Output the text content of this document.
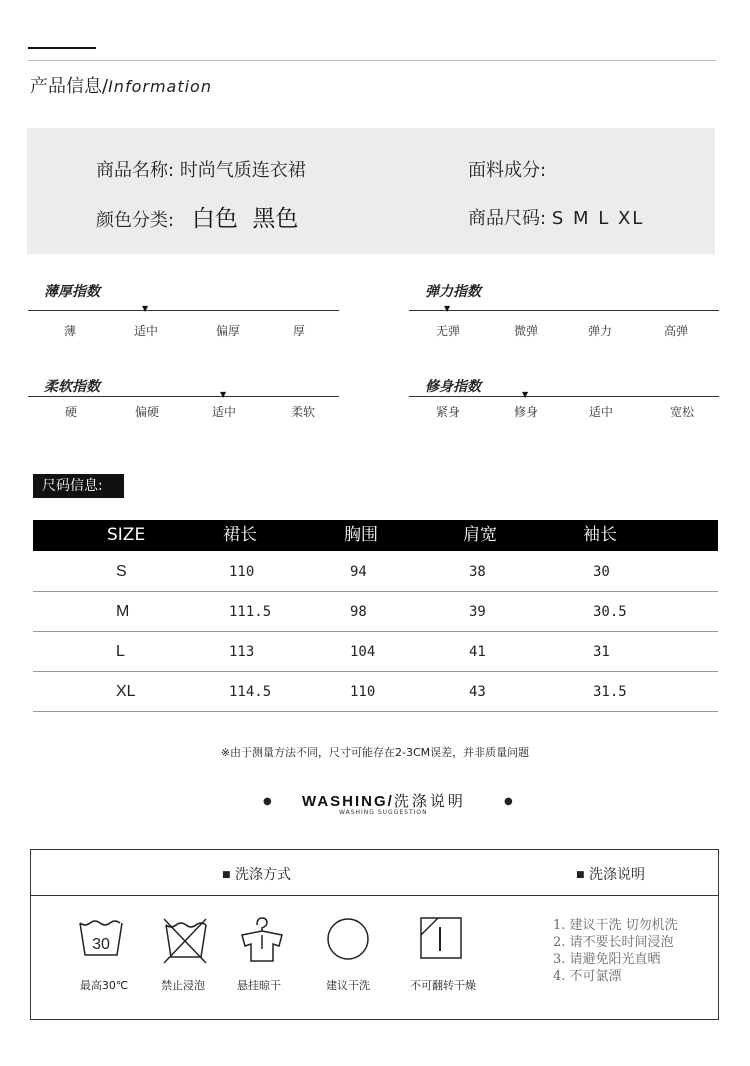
产品信息/Information
商品名称: 时尚气质连衣裙	面料成分:
颜色分类: 白色  黑色	商品尺码: S M L XL
薄厚指数
▼
薄	适中	偏厚	厚
弹力指数
▼
无弹	微弹	弹力	高弹
柔软指数	▼
硬	偏硬	适中	柔软
修身指数	▼
紧身	修身	适中	宽松
尺码信息:
SIZE	裙长	胸围	肩宽	袖长
S	110	94	38	30
M	111.5	98	39	30.5
L	113	104	41	31
XL	114.5	110	43	31.5
※由于测量方法不同，尺寸可能存在2-3CM误差，并非质量问题
● WASHING/洗涤说明
WASHING SUGGESTION
●
■ 洗涤方式	■ 洗涤说明
30
最高30℃	禁止浸泡	悬挂晾干	建议干洗	不可翻转干燥
1. 建议干洗 切勿机洗
2. 请不要长时间浸泡
3. 请避免阳光直晒
4. 不可氯漂
